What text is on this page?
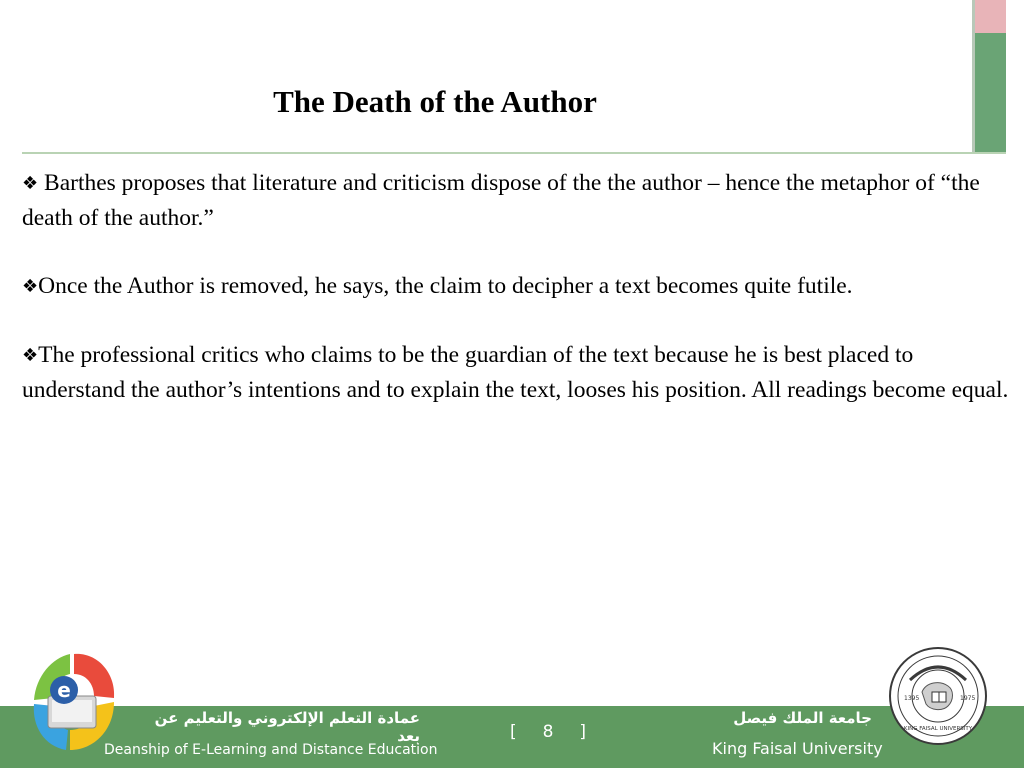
The Death of the Author

❖ Barthes proposes that literature and criticism dispose of the the author – hence the metaphor of “the death of the author.”

❖Once the Author is removed, he says, the claim to decipher a text becomes quite futile.

❖The professional critics who claims to be the guardian of the text because he is best placed to understand the author’s intentions and to explain the text, looses his position. All readings become equal.

e
عمادة التعلم الإلكتروني والتعليم عن بعد
Deanship of E-Learning and Distance Education
[ 8 ]
جامعة الملك فيصل
King Faisal University
1395	1975
KING FAISAL UNIVERSITY
